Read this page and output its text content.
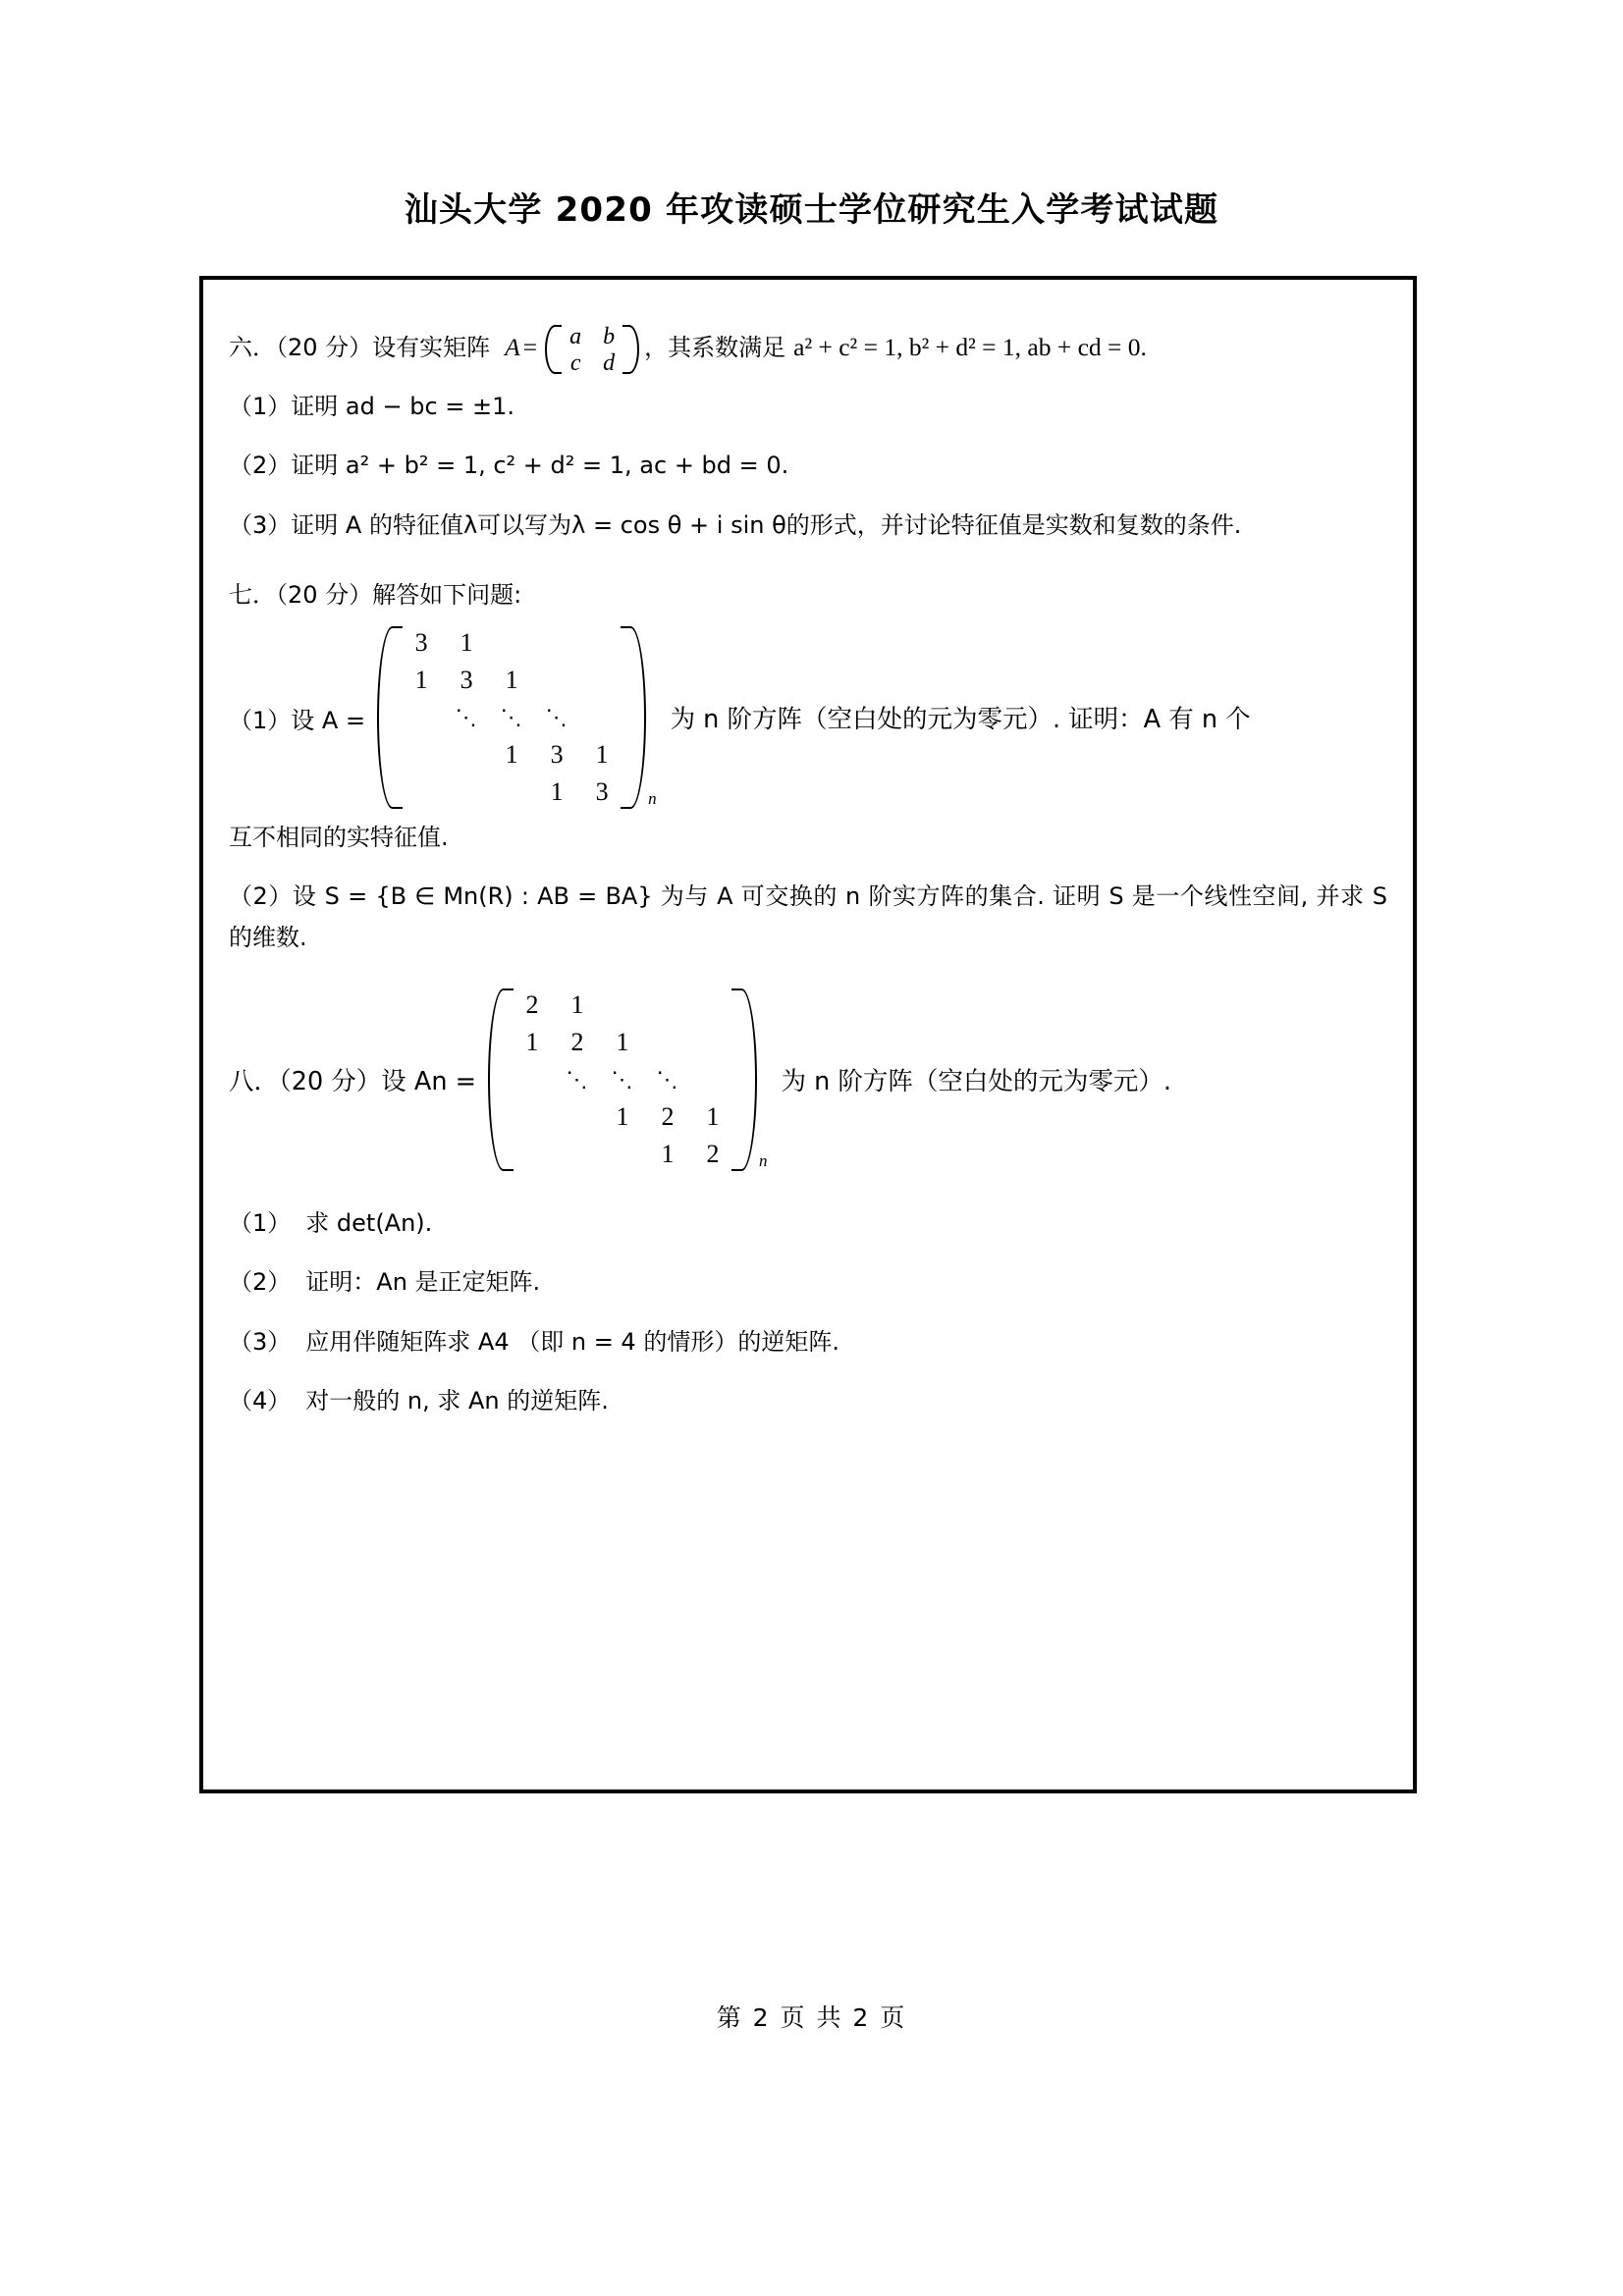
汕头大学 2020 年攻读硕士学位研究生入学考试试题
六．（20 分）设有实矩阵 A = a	b
c	d
，其系数满足 a² + c² = 1, b² + d² = 1, ab + cd = 0.
（1）证明 ad − bc = ±1.
（2）证明 a² + b² = 1, c² + d² = 1, ac + bd = 0.
（3）证明 A 的特征值λ可以写为λ = cos θ + i sin θ的形式，并讨论特征值是实数和复数的条件.
七．（20 分）解答如下问题:
（1）设 A =
3	1			
1	3	1		
	⋱	⋱	⋱	
		1	3	1
			1	3 n
为 n 阶方阵（空白处的元为零元）. 证明：A 有 n 个
互不相同的实特征值.
（2）设 S = {B ∈ Mn(R) : AB = BA} 为与 A 可交换的 n 阶实方阵的集合. 证明 S 是一个线性空间, 并求 S 的维数.
八．（20 分）设 An =
2	1			
1	2	1		
	⋱	⋱	⋱	
		1	2	1
			1	2 n
为 n 阶方阵（空白处的元为零元）.
（1） 求 det(An).
（2） 证明：An 是正定矩阵.
（3） 应用伴随矩阵求 A4 （即 n = 4 的情形）的逆矩阵.
（4） 对一般的 n, 求 An 的逆矩阵.
第 2 页 共 2 页
